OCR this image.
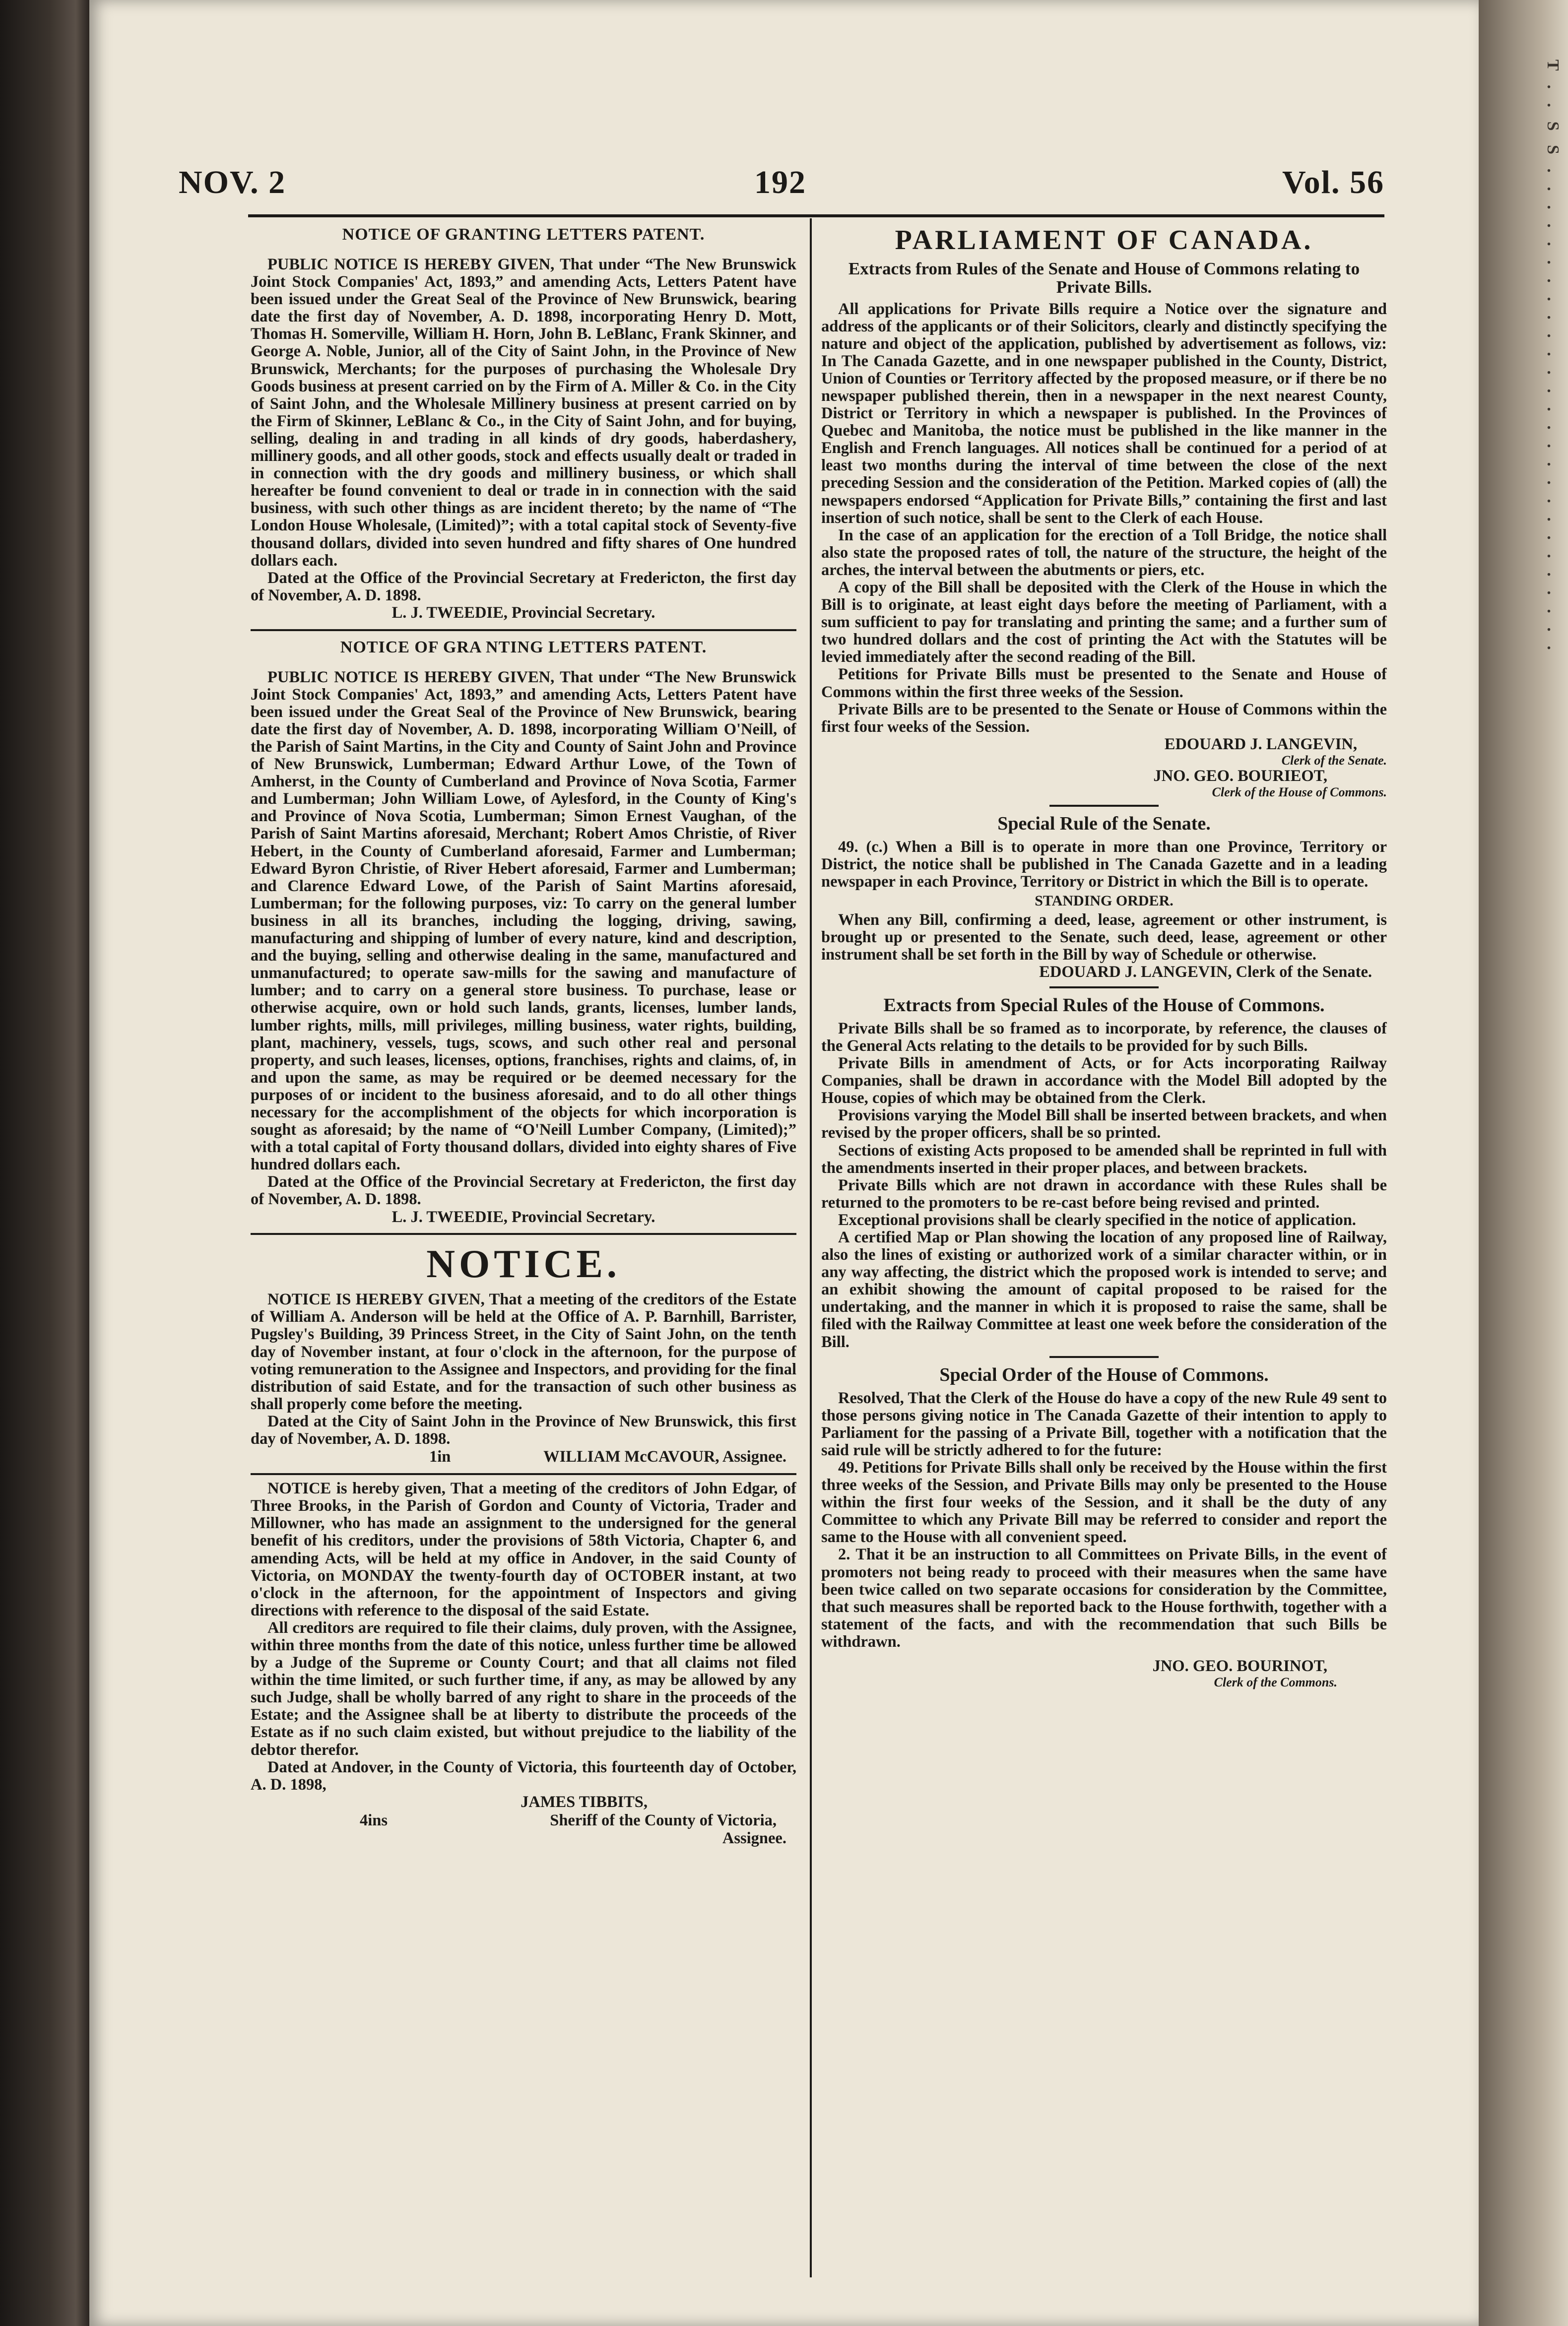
T . . S S . . . . . . . . . . . . . . . . . . . . . . . . . . .
NOV. 2	192	Vol. 56

NOTICE OF GRANTING LETTERS PATENT.

PUBLIC NOTICE IS HEREBY GIVEN, That under “The New Brunswick Joint Stock Companies' Act, 1893,” and amending Acts, Letters Patent have been issued under the Great Seal of the Province of New Brunswick, bearing date the first day of November, A. D. 1898, incorporating Henry D. Mott, Thomas H. Somerville, William H. Horn, John B. LeBlanc, Frank Skinner, and George A. Noble, Junior, all of the City of Saint John, in the Province of New Brunswick, Merchants; for the purposes of purchasing the Wholesale Dry Goods business at present carried on by the Firm of A. Miller & Co. in the City of Saint John, and the Wholesale Millinery business at present carried on by the Firm of Skinner, LeBlanc & Co., in the City of Saint John, and for buying, selling, dealing in and trading in all kinds of dry goods, haberdashery, millinery goods, and all other goods, stock and effects usually dealt or traded in in connection with the dry goods and millinery business, or which shall hereafter be found convenient to deal or trade in in connection with the said business, with such other things as are incident thereto; by the name of “The London House Wholesale, (Limited)”; with a total capital stock of Seventy-five thousand dollars, divided into seven hundred and fifty shares of One hundred dollars each.

Dated at the Office of the Provincial Secretary at Fredericton, the first day of November, A. D. 1898.

L. J. TWEEDIE, Provincial Secretary.

NOTICE OF GRA NTING LETTERS PATENT.

PUBLIC NOTICE IS HEREBY GIVEN, That under “The New Brunswick Joint Stock Companies' Act, 1893,” and amending Acts, Letters Patent have been issued under the Great Seal of the Province of New Brunswick, bearing date the first day of November, A. D. 1898, incorporating William O'Neill, of the Parish of Saint Martins, in the City and County of Saint John and Province of New Brunswick, Lumberman; Edward Arthur Lowe, of the Town of Amherst, in the County of Cumberland and Province of Nova Scotia, Farmer and Lumberman; John William Lowe, of Aylesford, in the County of King's and Province of Nova Scotia, Lumberman; Simon Ernest Vaughan, of the Parish of Saint Martins aforesaid, Merchant; Robert Amos Christie, of River Hebert, in the County of Cumberland aforesaid, Farmer and Lumberman; Edward Byron Christie, of River Hebert aforesaid, Farmer and Lumberman; and Clarence Edward Lowe, of the Parish of Saint Martins aforesaid, Lumberman; for the following purposes, viz: To carry on the general lumber business in all its branches, including the logging, driving, sawing, manufacturing and shipping of lumber of every nature, kind and description, and the buying, selling and otherwise dealing in the same, manufactured and unmanufactured; to operate saw-mills for the sawing and manufacture of lumber; and to carry on a general store business. To purchase, lease or otherwise acquire, own or hold such lands, grants, licenses, lumber lands, lumber rights, mills, mill privileges, milling business, water rights, building, plant, machinery, vessels, tugs, scows, and such other real and personal property, and such leases, licenses, options, franchises, rights and claims, of, in and upon the same, as may be required or be deemed necessary for the purposes of or incident to the business aforesaid, and to do all other things necessary for the accomplishment of the objects for which incorporation is sought as aforesaid; by the name of “O'Neill Lumber Company, (Limited);” with a total capital of Forty thousand dollars, divided into eighty shares of Five hundred dollars each.

Dated at the Office of the Provincial Secretary at Fredericton, the first day of November, A. D. 1898.

L. J. TWEEDIE, Provincial Secretary.

NOTICE.

NOTICE IS HEREBY GIVEN, That a meeting of the creditors of the Estate of William A. Anderson will be held at the Office of A. P. Barnhill, Barrister, Pugsley's Building, 39 Princess Street, in the City of Saint John, on the tenth day of November instant, at four o'clock in the afternoon, for the purpose of voting remuneration to the Assignee and Inspectors, and providing for the final distribution of said Estate, and for the transaction of such other business as shall properly come before the meeting.

Dated at the City of Saint John in the Province of New Brunswick, this first day of November, A. D. 1898.

1in	WILLIAM McCAVOUR, Assignee.

NOTICE is hereby given, That a meeting of the creditors of John Edgar, of Three Brooks, in the Parish of Gordon and County of Victoria, Trader and Millowner, who has made an assignment to the undersigned for the general benefit of his creditors, under the provisions of 58th Victoria, Chapter 6, and amending Acts, will be held at my office in Andover, in the said County of Victoria, on MONDAY the twenty-fourth day of OCTOBER instant, at two o'clock in the afternoon, for the appointment of Inspectors and giving directions with reference to the disposal of the said Estate.

All creditors are required to file their claims, duly proven, with the Assignee, within three months from the date of this notice, unless further time be allowed by a Judge of the Supreme or County Court; and that all claims not filed within the time limited, or such further time, if any, as may be allowed by any such Judge, shall be wholly barred of any right to share in the proceeds of the Estate; and the Assignee shall be at liberty to distribute the proceeds of the Estate as if no such claim existed, but without prejudice to the liability of the debtor therefor.

Dated at Andover, in the County of Victoria, this fourteenth day of October, A. D. 1898,

JAMES TIBBITS,

4ins	Sheriff of the County of Victoria,

Assignee.

PARLIAMENT OF CANADA.

Extracts from Rules of the Senate and House of Commons relating to Private Bills.

All applications for Private Bills require a Notice over the signature and address of the applicants or of their Solicitors, clearly and distinctly specifying the nature and object of the application, published by advertisement as follows, viz: In The Canada Gazette, and in one newspaper published in the County, District, Union of Counties or Territory affected by the proposed measure, or if there be no newspaper published therein, then in a newspaper in the next nearest County, District or Territory in which a newspaper is published. In the Provinces of Quebec and Manitoba, the notice must be published in the like manner in the English and French languages. All notices shall be continued for a period of at least two months during the interval of time between the close of the next preceding Session and the consideration of the Petition. Marked copies of (all) the newspapers endorsed “Application for Private Bills,” containing the first and last insertion of such notice, shall be sent to the Clerk of each House.

In the case of an application for the erection of a Toll Bridge, the notice shall also state the proposed rates of toll, the nature of the structure, the height of the arches, the interval between the abutments or piers, etc.

A copy of the Bill shall be deposited with the Clerk of the House in which the Bill is to originate, at least eight days before the meeting of Parliament, with a sum sufficient to pay for translating and printing the same; and a further sum of two hundred dollars and the cost of printing the Act with the Statutes will be levied immediately after the second reading of the Bill.

Petitions for Private Bills must be presented to the Senate and House of Commons within the first three weeks of the Session.

Private Bills are to be presented to the Senate or House of Commons within the first four weeks of the Session.

EDOUARD J. LANGEVIN,

Clerk of the Senate.

JNO. GEO. BOURIEOT,

Clerk of the House of Commons.

Special Rule of the Senate.

49. (c.) When a Bill is to operate in more than one Province, Territory or District, the notice shall be published in The Canada Gazette and in a leading newspaper in each Province, Territory or District in which the Bill is to operate.

STANDING ORDER.

When any Bill, confirming a deed, lease, agreement or other instrument, is brought up or presented to the Senate, such deed, lease, agreement or other instrument shall be set forth in the Bill by way of Schedule or otherwise.

EDOUARD J. LANGEVIN, Clerk of the Senate.

Extracts from Special Rules of the House of Commons.

Private Bills shall be so framed as to incorporate, by reference, the clauses of the General Acts relating to the details to be provided for by such Bills.

Private Bills in amendment of Acts, or for Acts incorporating Railway Companies, shall be drawn in accordance with the Model Bill adopted by the House, copies of which may be obtained from the Clerk.

Provisions varying the Model Bill shall be inserted between brackets, and when revised by the proper officers, shall be so printed.

Sections of existing Acts proposed to be amended shall be reprinted in full with the amendments inserted in their proper places, and between brackets.

Private Bills which are not drawn in accordance with these Rules shall be returned to the promoters to be re-cast before being revised and printed.

Exceptional provisions shall be clearly specified in the notice of application.

A certified Map or Plan showing the location of any proposed line of Railway, also the lines of existing or authorized work of a similar character within, or in any way affecting, the district which the proposed work is intended to serve; and an exhibit showing the amount of capital proposed to be raised for the undertaking, and the manner in which it is proposed to raise the same, shall be filed with the Railway Committee at least one week before the consideration of the Bill.

Special Order of the House of Commons.

Resolved, That the Clerk of the House do have a copy of the new Rule 49 sent to those persons giving notice in The Canada Gazette of their intention to apply to Parliament for the passing of a Private Bill, together with a notification that the said rule will be strictly adhered to for the future:

49. Petitions for Private Bills shall only be received by the House within the first three weeks of the Session, and Private Bills may only be presented to the House within the first four weeks of the Session, and it shall be the duty of any Committee to which any Private Bill may be referred to consider and report the same to the House with all convenient speed.

2. That it be an instruction to all Committees on Private Bills, in the event of promoters not being ready to proceed with their measures when the same have been twice called on two separate occasions for consideration by the Committee, that such measures shall be reported back to the House forthwith, together with a statement of the facts, and with the recommendation that such Bills be withdrawn.

JNO. GEO. BOURINOT,

Clerk of the Commons.
